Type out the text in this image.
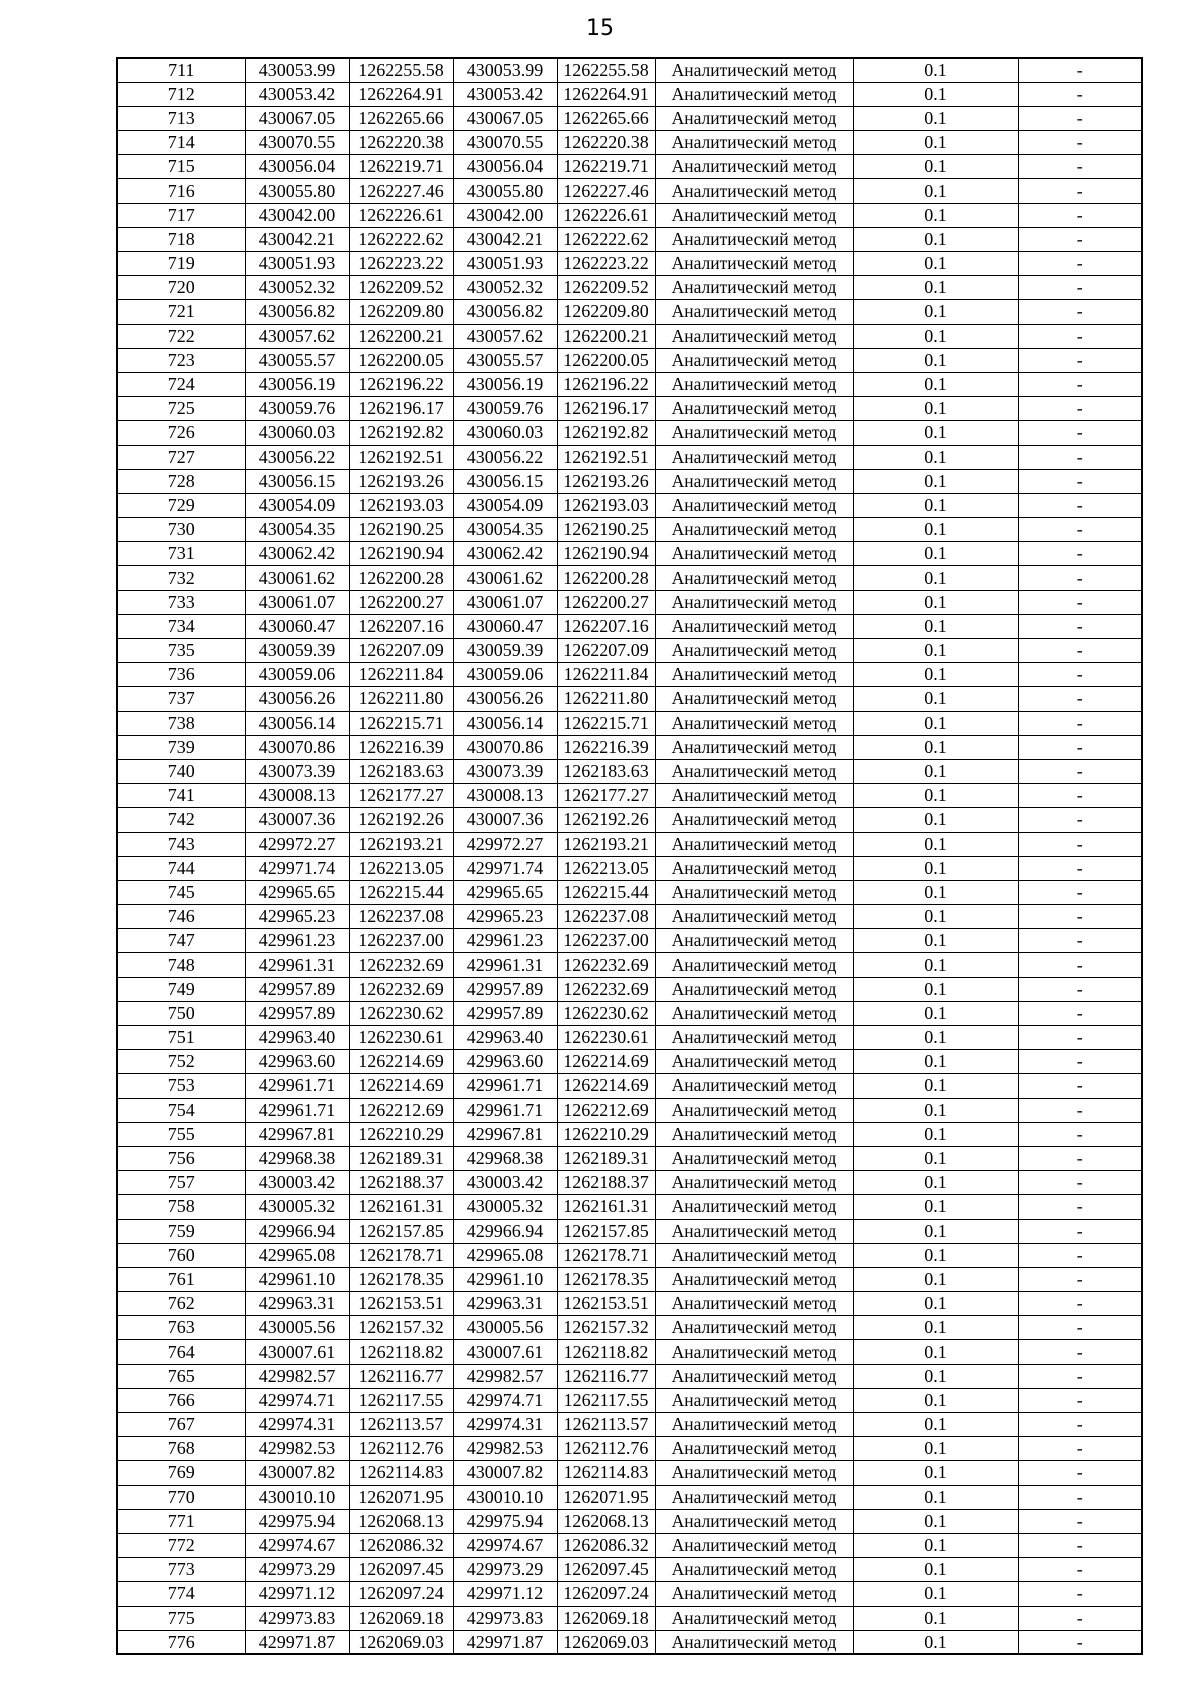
15
711	430053.99	1262255.58	430053.99	1262255.58	Аналитический метод	0.1	-
712	430053.42	1262264.91	430053.42	1262264.91	Аналитический метод	0.1	-
713	430067.05	1262265.66	430067.05	1262265.66	Аналитический метод	0.1	-
714	430070.55	1262220.38	430070.55	1262220.38	Аналитический метод	0.1	-
715	430056.04	1262219.71	430056.04	1262219.71	Аналитический метод	0.1	-
716	430055.80	1262227.46	430055.80	1262227.46	Аналитический метод	0.1	-
717	430042.00	1262226.61	430042.00	1262226.61	Аналитический метод	0.1	-
718	430042.21	1262222.62	430042.21	1262222.62	Аналитический метод	0.1	-
719	430051.93	1262223.22	430051.93	1262223.22	Аналитический метод	0.1	-
720	430052.32	1262209.52	430052.32	1262209.52	Аналитический метод	0.1	-
721	430056.82	1262209.80	430056.82	1262209.80	Аналитический метод	0.1	-
722	430057.62	1262200.21	430057.62	1262200.21	Аналитический метод	0.1	-
723	430055.57	1262200.05	430055.57	1262200.05	Аналитический метод	0.1	-
724	430056.19	1262196.22	430056.19	1262196.22	Аналитический метод	0.1	-
725	430059.76	1262196.17	430059.76	1262196.17	Аналитический метод	0.1	-
726	430060.03	1262192.82	430060.03	1262192.82	Аналитический метод	0.1	-
727	430056.22	1262192.51	430056.22	1262192.51	Аналитический метод	0.1	-
728	430056.15	1262193.26	430056.15	1262193.26	Аналитический метод	0.1	-
729	430054.09	1262193.03	430054.09	1262193.03	Аналитический метод	0.1	-
730	430054.35	1262190.25	430054.35	1262190.25	Аналитический метод	0.1	-
731	430062.42	1262190.94	430062.42	1262190.94	Аналитический метод	0.1	-
732	430061.62	1262200.28	430061.62	1262200.28	Аналитический метод	0.1	-
733	430061.07	1262200.27	430061.07	1262200.27	Аналитический метод	0.1	-
734	430060.47	1262207.16	430060.47	1262207.16	Аналитический метод	0.1	-
735	430059.39	1262207.09	430059.39	1262207.09	Аналитический метод	0.1	-
736	430059.06	1262211.84	430059.06	1262211.84	Аналитический метод	0.1	-
737	430056.26	1262211.80	430056.26	1262211.80	Аналитический метод	0.1	-
738	430056.14	1262215.71	430056.14	1262215.71	Аналитический метод	0.1	-
739	430070.86	1262216.39	430070.86	1262216.39	Аналитический метод	0.1	-
740	430073.39	1262183.63	430073.39	1262183.63	Аналитический метод	0.1	-
741	430008.13	1262177.27	430008.13	1262177.27	Аналитический метод	0.1	-
742	430007.36	1262192.26	430007.36	1262192.26	Аналитический метод	0.1	-
743	429972.27	1262193.21	429972.27	1262193.21	Аналитический метод	0.1	-
744	429971.74	1262213.05	429971.74	1262213.05	Аналитический метод	0.1	-
745	429965.65	1262215.44	429965.65	1262215.44	Аналитический метод	0.1	-
746	429965.23	1262237.08	429965.23	1262237.08	Аналитический метод	0.1	-
747	429961.23	1262237.00	429961.23	1262237.00	Аналитический метод	0.1	-
748	429961.31	1262232.69	429961.31	1262232.69	Аналитический метод	0.1	-
749	429957.89	1262232.69	429957.89	1262232.69	Аналитический метод	0.1	-
750	429957.89	1262230.62	429957.89	1262230.62	Аналитический метод	0.1	-
751	429963.40	1262230.61	429963.40	1262230.61	Аналитический метод	0.1	-
752	429963.60	1262214.69	429963.60	1262214.69	Аналитический метод	0.1	-
753	429961.71	1262214.69	429961.71	1262214.69	Аналитический метод	0.1	-
754	429961.71	1262212.69	429961.71	1262212.69	Аналитический метод	0.1	-
755	429967.81	1262210.29	429967.81	1262210.29	Аналитический метод	0.1	-
756	429968.38	1262189.31	429968.38	1262189.31	Аналитический метод	0.1	-
757	430003.42	1262188.37	430003.42	1262188.37	Аналитический метод	0.1	-
758	430005.32	1262161.31	430005.32	1262161.31	Аналитический метод	0.1	-
759	429966.94	1262157.85	429966.94	1262157.85	Аналитический метод	0.1	-
760	429965.08	1262178.71	429965.08	1262178.71	Аналитический метод	0.1	-
761	429961.10	1262178.35	429961.10	1262178.35	Аналитический метод	0.1	-
762	429963.31	1262153.51	429963.31	1262153.51	Аналитический метод	0.1	-
763	430005.56	1262157.32	430005.56	1262157.32	Аналитический метод	0.1	-
764	430007.61	1262118.82	430007.61	1262118.82	Аналитический метод	0.1	-
765	429982.57	1262116.77	429982.57	1262116.77	Аналитический метод	0.1	-
766	429974.71	1262117.55	429974.71	1262117.55	Аналитический метод	0.1	-
767	429974.31	1262113.57	429974.31	1262113.57	Аналитический метод	0.1	-
768	429982.53	1262112.76	429982.53	1262112.76	Аналитический метод	0.1	-
769	430007.82	1262114.83	430007.82	1262114.83	Аналитический метод	0.1	-
770	430010.10	1262071.95	430010.10	1262071.95	Аналитический метод	0.1	-
771	429975.94	1262068.13	429975.94	1262068.13	Аналитический метод	0.1	-
772	429974.67	1262086.32	429974.67	1262086.32	Аналитический метод	0.1	-
773	429973.29	1262097.45	429973.29	1262097.45	Аналитический метод	0.1	-
774	429971.12	1262097.24	429971.12	1262097.24	Аналитический метод	0.1	-
775	429973.83	1262069.18	429973.83	1262069.18	Аналитический метод	0.1	-
776	429971.87	1262069.03	429971.87	1262069.03	Аналитический метод	0.1	-
